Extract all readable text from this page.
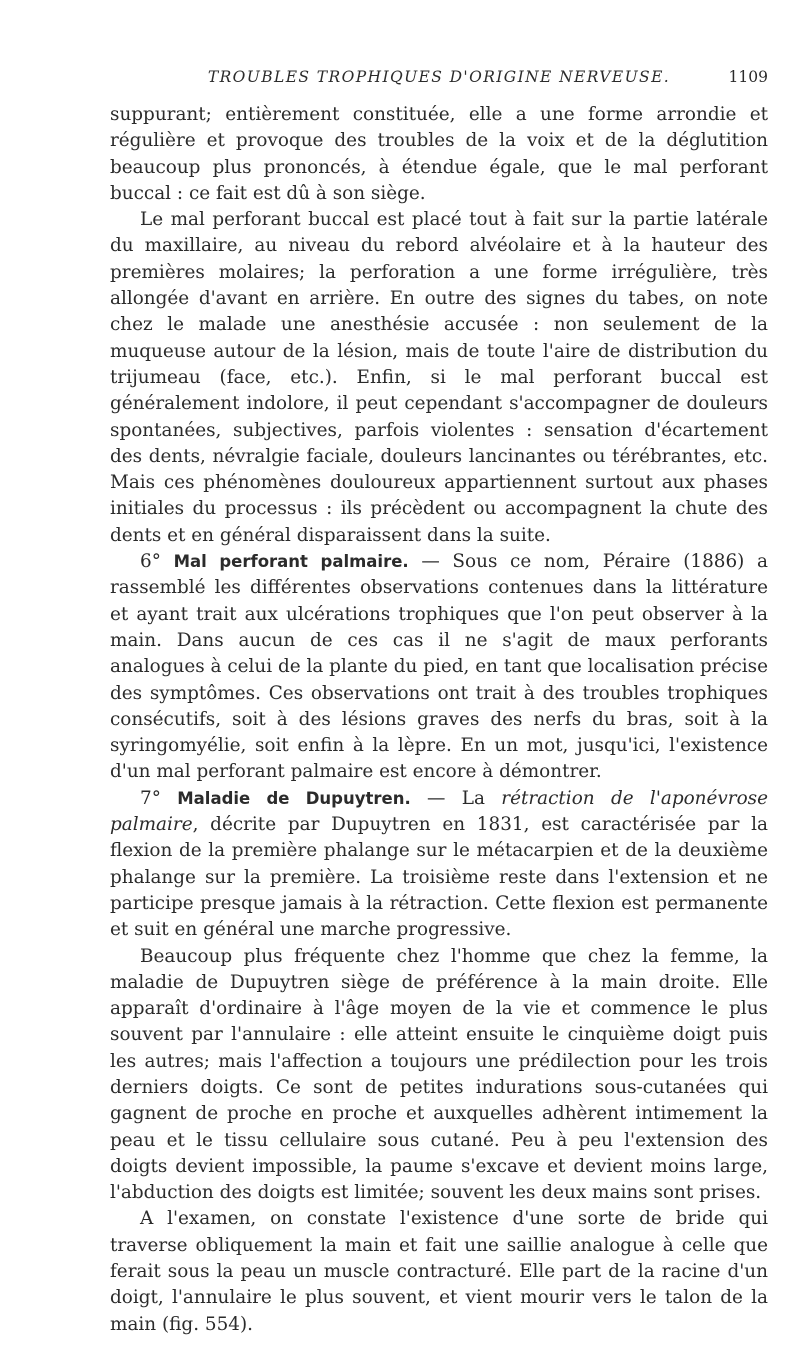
TROUBLES TROPHIQUES D'ORIGINE NERVEUSE.	1109

suppurant; entièrement constituée, elle a une forme arrondie et régulière et provoque des troubles de la voix et de la déglutition beaucoup plus prononcés, à étendue égale, que le mal perforant buccal : ce fait est dû à son siège.

Le mal perforant buccal est placé tout à fait sur la partie latérale du maxillaire, au niveau du rebord alvéolaire et à la hauteur des premières molaires; la perforation a une forme irrégulière, très allongée d'avant en arrière. En outre des signes du tabes, on note chez le malade une anesthésie accusée : non seulement de la muqueuse autour de la lésion, mais de toute l'aire de distribution du trijumeau (face, etc.). Enfin, si le mal perforant buccal est généralement indolore, il peut cependant s'accompagner de douleurs spontanées, subjectives, parfois violentes : sensation d'écartement des dents, névralgie faciale, douleurs lancinantes ou térébrantes, etc. Mais ces phénomènes douloureux appartiennent surtout aux phases initiales du processus : ils précèdent ou accompagnent la chute des dents et en général disparaissent dans la suite.

6° Mal perforant palmaire. — Sous ce nom, Péraire (1886) a rassemblé les différentes observations contenues dans la littérature et ayant trait aux ulcérations trophiques que l'on peut observer à la main. Dans aucun de ces cas il ne s'agit de maux perforants analogues à celui de la plante du pied, en tant que localisation précise des symptômes. Ces observations ont trait à des troubles trophiques consécutifs, soit à des lésions graves des nerfs du bras, soit à la syringomyélie, soit enfin à la lèpre. En un mot, jusqu'ici, l'existence d'un mal perforant palmaire est encore à démontrer.

7° Maladie de Dupuytren. — La rétraction de l'aponévrose palmaire, décrite par Dupuytren en 1831, est caractérisée par la flexion de la première phalange sur le métacarpien et de la deuxième phalange sur la première. La troisième reste dans l'extension et ne participe presque jamais à la rétraction. Cette flexion est permanente et suit en général une marche progressive.

Beaucoup plus fréquente chez l'homme que chez la femme, la maladie de Dupuytren siège de préférence à la main droite. Elle apparaît d'ordinaire à l'âge moyen de la vie et commence le plus souvent par l'annulaire : elle atteint ensuite le cinquième doigt puis les autres; mais l'affection a toujours une prédilection pour les trois derniers doigts. Ce sont de petites indurations sous-cutanées qui gagnent de proche en proche et auxquelles adhèrent intimement la peau et le tissu cellulaire sous cutané. Peu à peu l'extension des doigts devient impossible, la paume s'excave et devient moins large, l'abduction des doigts est limitée; souvent les deux mains sont prises.

A l'examen, on constate l'existence d'une sorte de bride qui traverse obliquement la main et fait une saillie analogue à celle que ferait sous la peau un muscle contracturé. Elle part de la racine d'un doigt, l'annulaire le plus souvent, et vient mourir vers le talon de la main (fig. 554).
